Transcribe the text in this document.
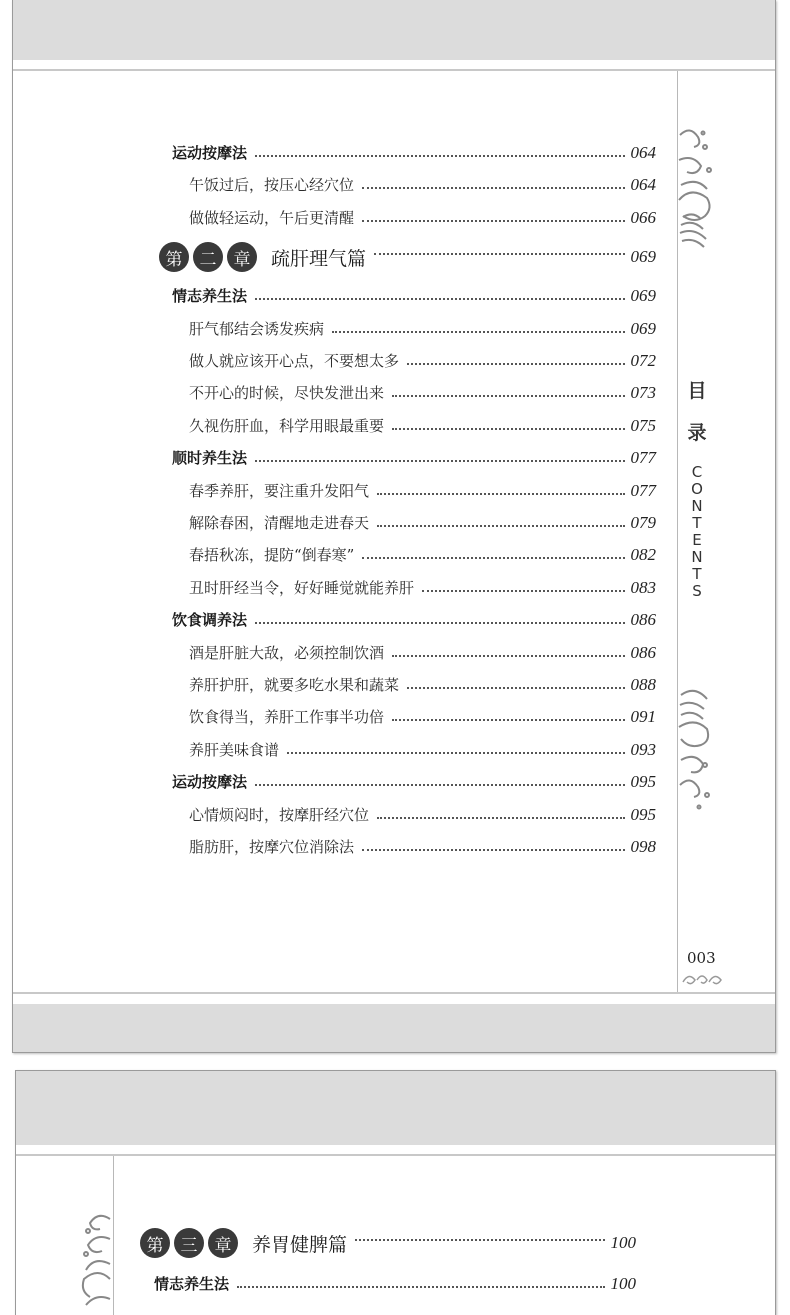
运动按摩法	064
午饭过后，按压心经穴位	064
做做轻运动，午后更清醒	066
第	二	章	疏肝理气篇	069
情志养生法	069
肝气郁结会诱发疾病	069
做人就应该开心点，不要想太多	072
不开心的时候，尽快发泄出来	073
久视伤肝血，科学用眼最重要	075
顺时养生法	077
春季养肝，要注重升发阳气	077
解除春困，清醒地走进春天	079
春捂秋冻，提防“倒春寒”	082
丑时肝经当令，好好睡觉就能养肝	083
饮食调养法	086
酒是肝脏大敌，必须控制饮酒	086
养肝护肝，就要多吃水果和蔬菜	088
饮食得当，养肝工作事半功倍	091
养肝美味食谱	093
运动按摩法	095
心情烦闷时，按摩肝经穴位	095
脂肪肝，按摩穴位消除法	098
目
录
C
O
N
T
E
N
T
S
003
第	三	章	养胃健脾篇	100
情志养生法	100
